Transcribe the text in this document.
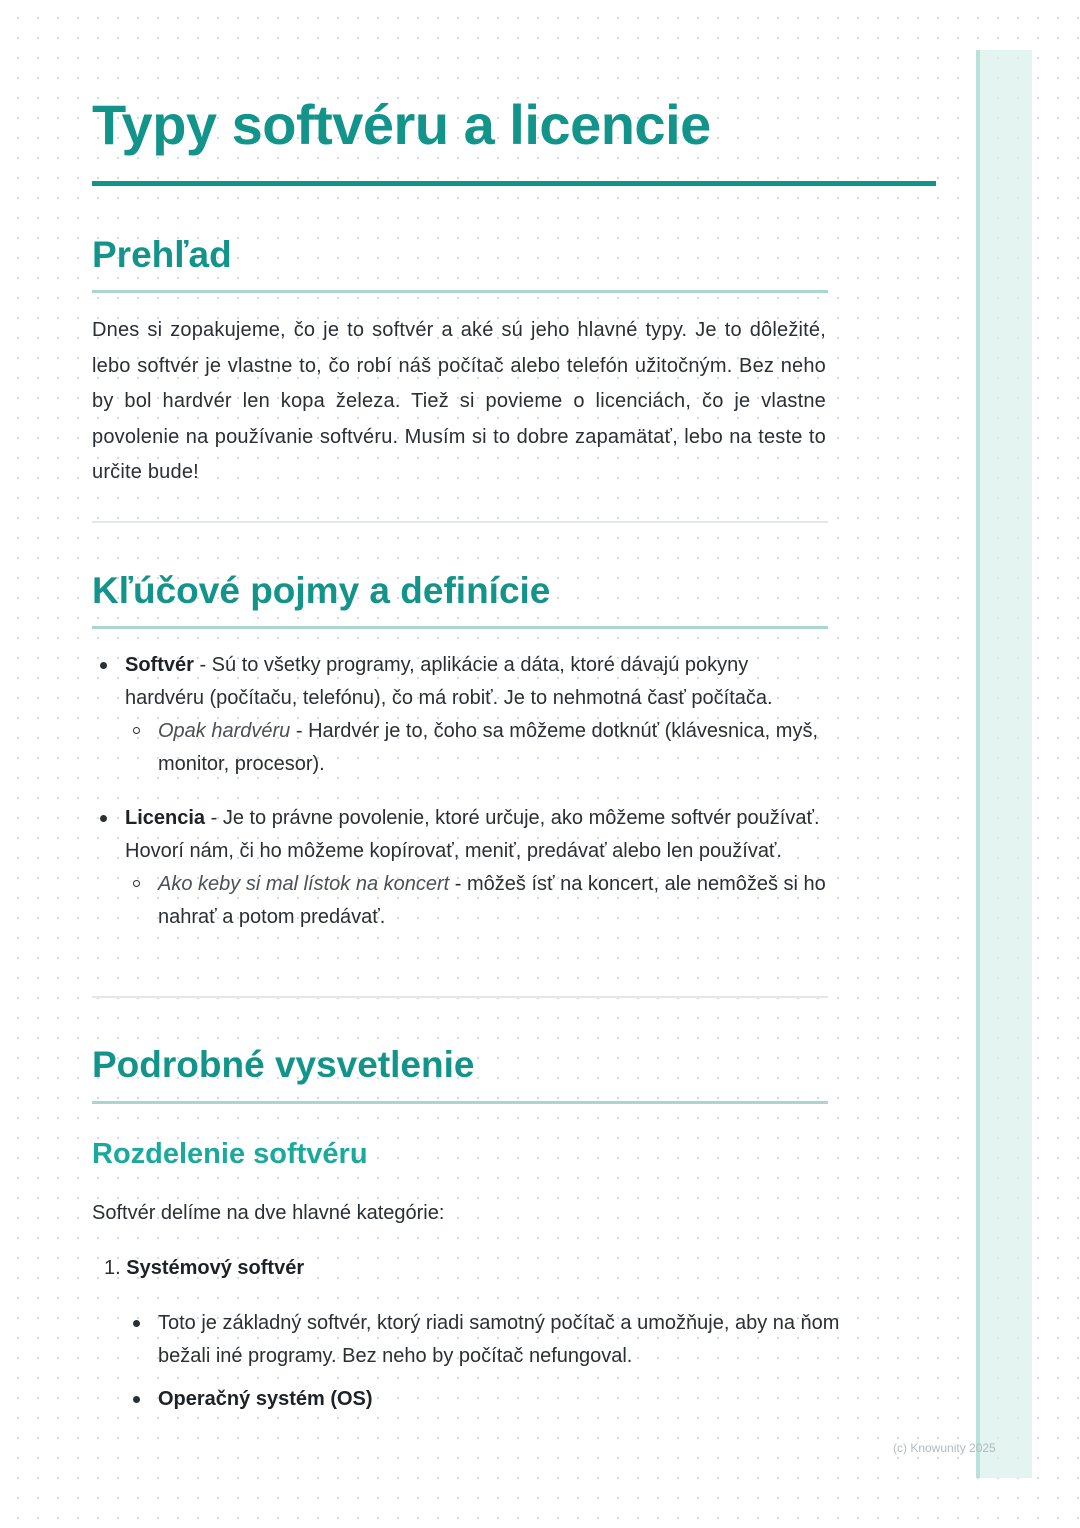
Typy softvéru a licencie
Prehľad

Dnes si zopakujeme, čo je to softvér a aké sú jeho hlavné typy. Je to dôležité, lebo softvér je vlastne to, čo robí náš počítač alebo telefón užitočným. Bez neho by bol hardvér len kopa železa. Tiež si povieme o licenciách, čo je vlastne povolenie na používanie softvéru. Musím si to dobre zapamätať, lebo na teste to určite bude!

Kľúčové pojmy a definície
Softvér - Sú to všetky programy, aplikácie a dáta, ktoré dávajú pokyny hardvéru (počítaču, telefónu), čo má robiť. Je to nehmotná časť počítača.
Opak hardvéru - Hardvér je to, čoho sa môžeme dotknúť (klávesnica, myš, monitor, procesor).
Licencia - Je to právne povolenie, ktoré určuje, ako môžeme softvér používať. Hovorí nám, či ho môžeme kopírovať, meniť, predávať alebo len používať.
Ako keby si mal lístok na koncert - môžeš ísť na koncert, ale nemôžeš si ho nahrať a potom predávať.
Podrobné vysvetlenie
Rozdelenie softvéru

Softvér delíme na dve hlavné kategórie:

1. Systémový softvér

Toto je základný softvér, ktorý riadi samotný počítač a umožňuje, aby na ňom bežali iné programy. Bez neho by počítač nefungoval.
Operačný systém (OS)
(c) Knowunity 2025
